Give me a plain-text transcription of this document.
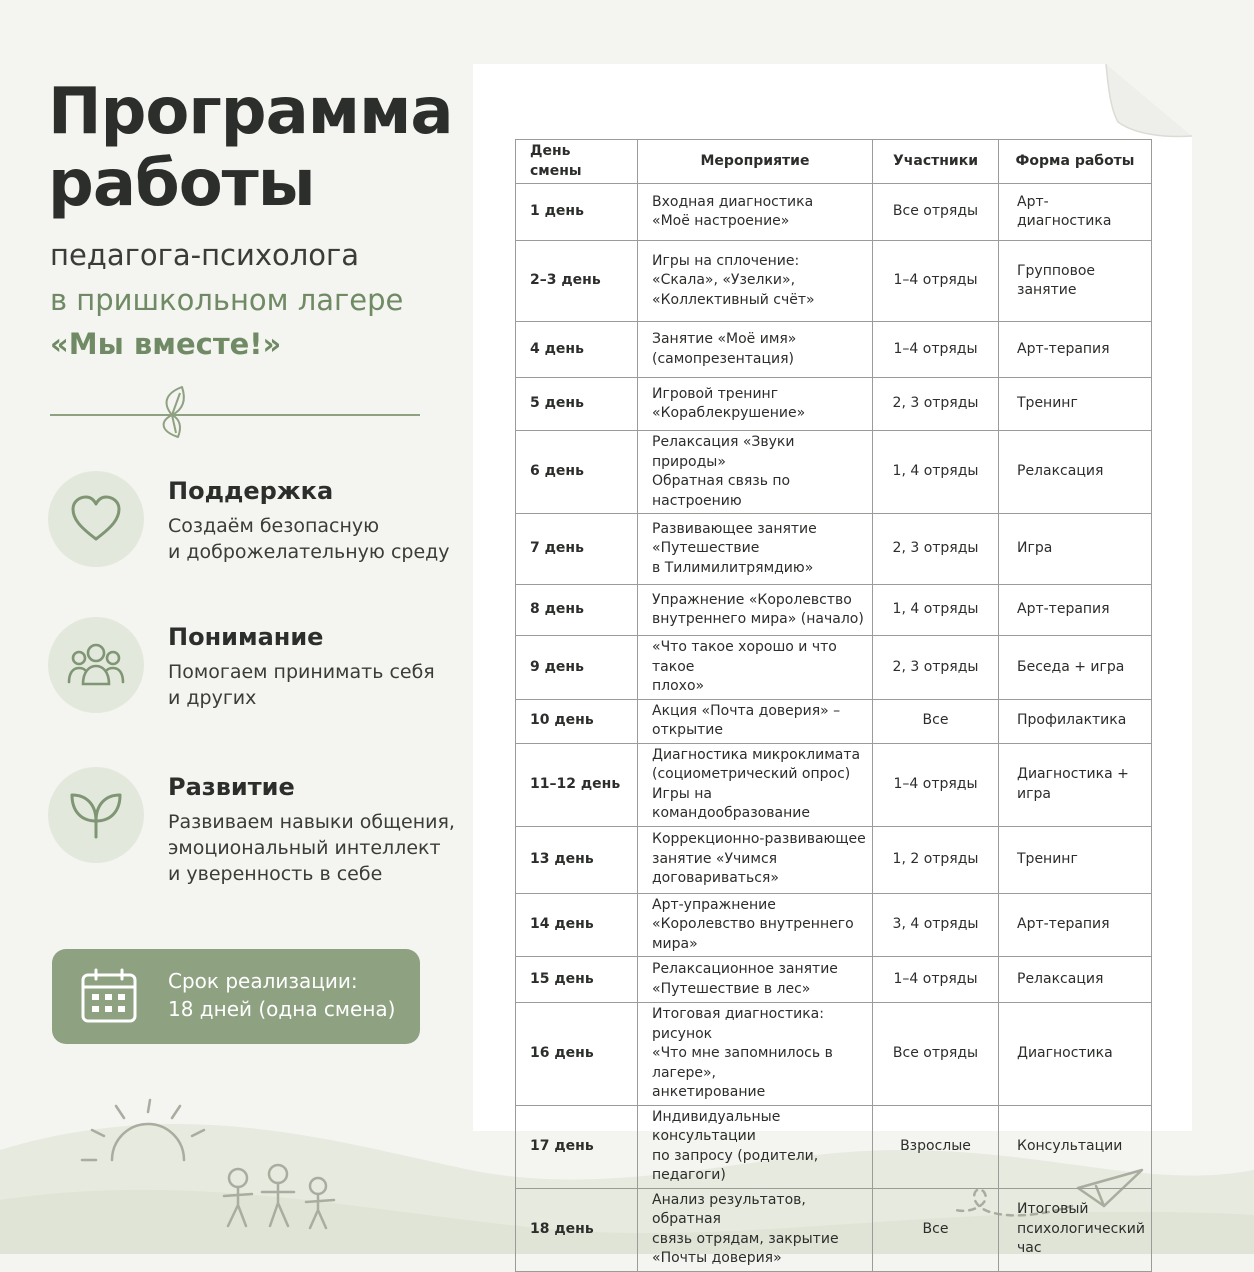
Программа
работы
педагога-психолога
в пришкольном лагере
«Мы вместе!»
Поддержка
Создаём безопасную
и доброжелательную среду
Понимание
Помогаем принимать себя
и других
Развитие
Развиваем навыки общения,
эмоциональный интеллект
и уверенность в себе
Срок реализации:
18 дней (одна смена)
День смены	Мероприятие	Участники	Форма работы
1 день	Входная диагностика
«Моё настроение»	Все отряды	Арт-диагностика
2–3 день	Игры на сплочение:
«Скала», «Узелки»,
«Коллективный счёт»	1–4 отряды	Групповое
занятие
4 день	Занятие «Моё имя»
(самопрезентация)	1–4 отряды	Арт-терапия
5 день	Игровой тренинг
«Кораблекрушение»	2, 3 отряды	Тренинг
6 день	Релаксация «Звуки природы»
Обратная связь по настроению	1, 4 отряды	Релаксация
7 день	Развивающее занятие
«Путешествие
в Тилимилитрямдию»	2, 3 отряды	Игра
8 день	Упражнение «Королевство
внутреннего мира» (начало)	1, 4 отряды	Арт-терапия
9 день	«Что такое хорошо и что такое
плохо»	2, 3 отряды	Беседа + игра
10 день	Акция «Почта доверия» –
открытие	Все	Профилактика
11–12 день	Диагностика микроклимата
(социометрический опрос)
Игры на командообразование	1–4 отряды	Диагностика +
игра
13 день	Коррекционно-развивающее
занятие «Учимся
договариваться»	1, 2 отряды	Тренинг
14 день	Арт-упражнение
«Королевство внутреннего
мира»	3, 4 отряды	Арт-терапия
15 день	Релаксационное занятие
«Путешествие в лес»	1–4 отряды	Релаксация
16 день	Итоговая диагностика: рисунок
«Что мне запомнилось в лагере»,
анкетирование	Все отряды	Диагностика
17 день	Индивидуальные консультации
по запросу (родители, педагоги)	Взрослые	Консультации
18 день	Анализ результатов, обратная
связь отрядам, закрытие
«Почты доверия»	Все	Итоговый
психологический
час
